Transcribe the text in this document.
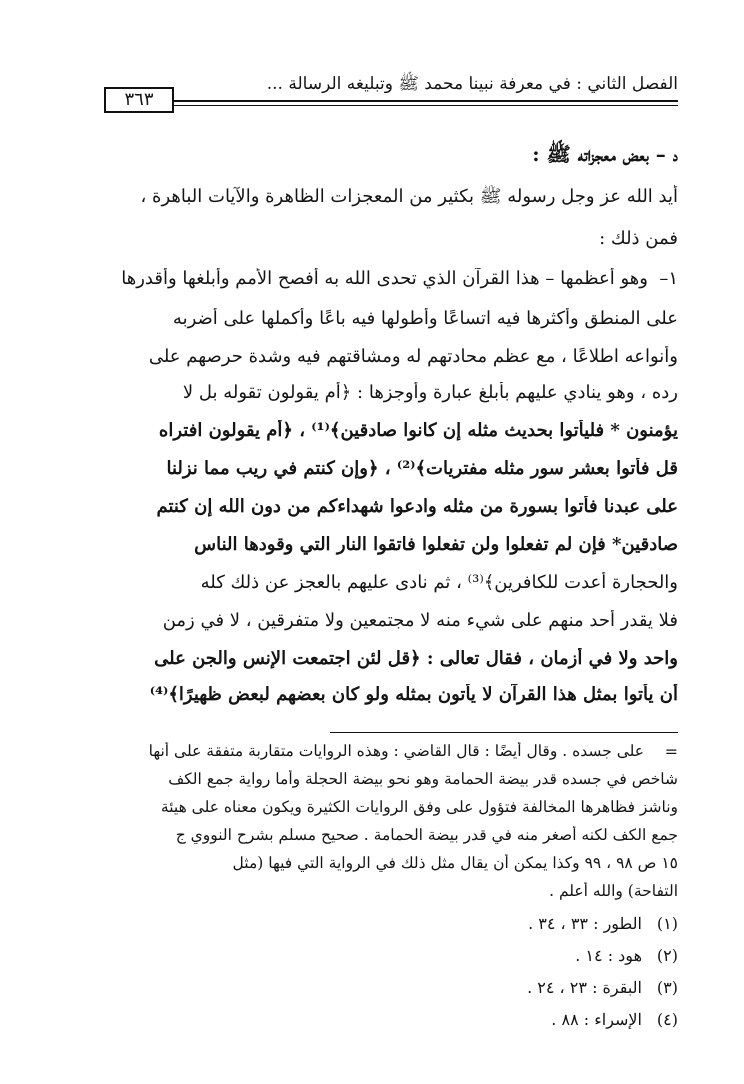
الفصل الثاني : في معرفة نبينا محمد ﷺ وتبليغه الرسالة ...
٣٦٣
د – بعض معجزاته ﷺ :
أيد الله عز وجل رسوله ﷺ بكثير من المعجزات الظاهرة والآيات الباهرة ،
فمن ذلك :
١–
وهو أعظمها – هذا القرآن الذي تحدى الله به أفصح الأمم وأبلغها وأقدرها
على المنطق وأكثرها فيه اتساعًا وأطولها فيه باعًا وأكملها على أضربه
وأنواعه اطلاعًا ، مع عظم محادتهم له ومشاقتهم فيه وشدة حرصهم على
رده ، وهو ينادي عليهم بأبلغ عبارة وأوجزها : ﴿أم يقولون تقوله بل لا
يؤمنون * فليأتوا بحديث مثله إن كانوا صادقين﴾⁽¹⁾ ، ﴿أم يقولون افتراه
قل فأتوا بعشر سور مثله مفتريات﴾⁽²⁾ ، ﴿وإن كنتم في ريب مما نزلنا
على عبدنا فأتوا بسورة من مثله وادعوا شهداءكم من دون الله إن كنتم
صادقين* فإن لم تفعلوا ولن تفعلوا فاتقوا النار التي وقودها الناس
والحجارة أعدت للكافرين﴾⁽³⁾ ، ثم نادى عليهم بالعجز عن ذلك كله
فلا يقدر أحد منهم على شيء منه لا مجتمعين ولا متفرقين ، لا في زمن
واحد ولا في أزمان ، فقال تعالى : ﴿قل لئن اجتمعت الإنس والجن على
أن يأتوا بمثل هذا القرآن لا يأتون بمثله ولو كان بعضهم لبعض ظهيرًا﴾⁽⁴⁾
=
على جسده . وقال أيضًا : قال القاضي : وهذه الروايات متقاربة متفقة على أنها
شاخص في جسده قدر بيضة الحمامة وهو نحو بيضة الحجلة وأما رواية جمع الكف
وناشز فظاهرها المخالفة فتؤول على وفق الروايات الكثيرة ويكون معناه على هيئة
جمع الكف لكنه أصغر منه في قدر بيضة الحمامة . صحيح مسلم بشرح النووي ج
١٥ ص ٩٨ ، ٩٩ وكذا يمكن أن يقال مثل ذلك في الرواية التي فيها (مثل
التفاحة) والله أعلم .
(١)الطور : ٣٣ ، ٣٤ .
(٢)هود : ١٤ .
(٣)البقرة : ٢٣ ، ٢٤ .
(٤)الإسراء : ٨٨ .
